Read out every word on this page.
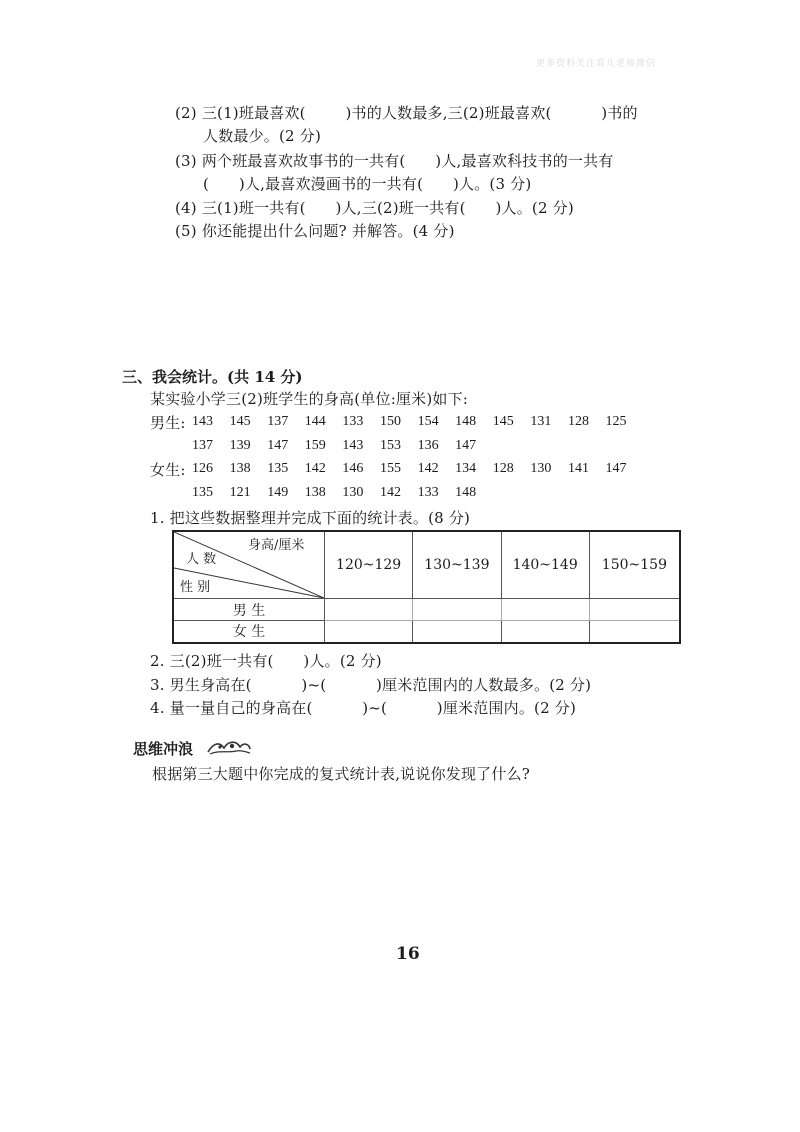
更多资料关注育儿老师微信
(2) 三(1)班最喜欢(        )书的人数最多,三(2)班最喜欢(          )书的
人数最少。(2 分)
(3) 两个班最喜欢故事书的一共有(      )人,最喜欢科技书的一共有
(      )人,最喜欢漫画书的一共有(      )人。(3 分)
(4) 三(1)班一共有(      )人,三(2)班一共有(      )人。(2 分)
(5) 你还能提出什么问题? 并解答。(4 分)
三、我会统计。(共 14 分)
某实验小学三(2)班学生的身高(单位:厘米)如下:
男生: 143	145	137	144	133	150	154	148	145	131	128	125
137	139	147	159	143	153	136	147
女生: 126	138	135	142	146	155	142	134	128	130	141	147
135	121	149	138	130	142	133	148
1. 把这些数据整理并完成下面的统计表。(8 分)
身高/厘米
人 数
性 别	120~129	130~139	140~149	150~159
男 生				
女 生				
2. 三(2)班一共有(      )人。(2 分)
3. 男生身高在(          )~(          )厘米范围内的人数最多。(2 分)
4. 量一量自己的身高在(          )~(          )厘米范围内。(2 分)
思维冲浪
根据第三大题中你完成的复式统计表,说说你发现了什么?
16
